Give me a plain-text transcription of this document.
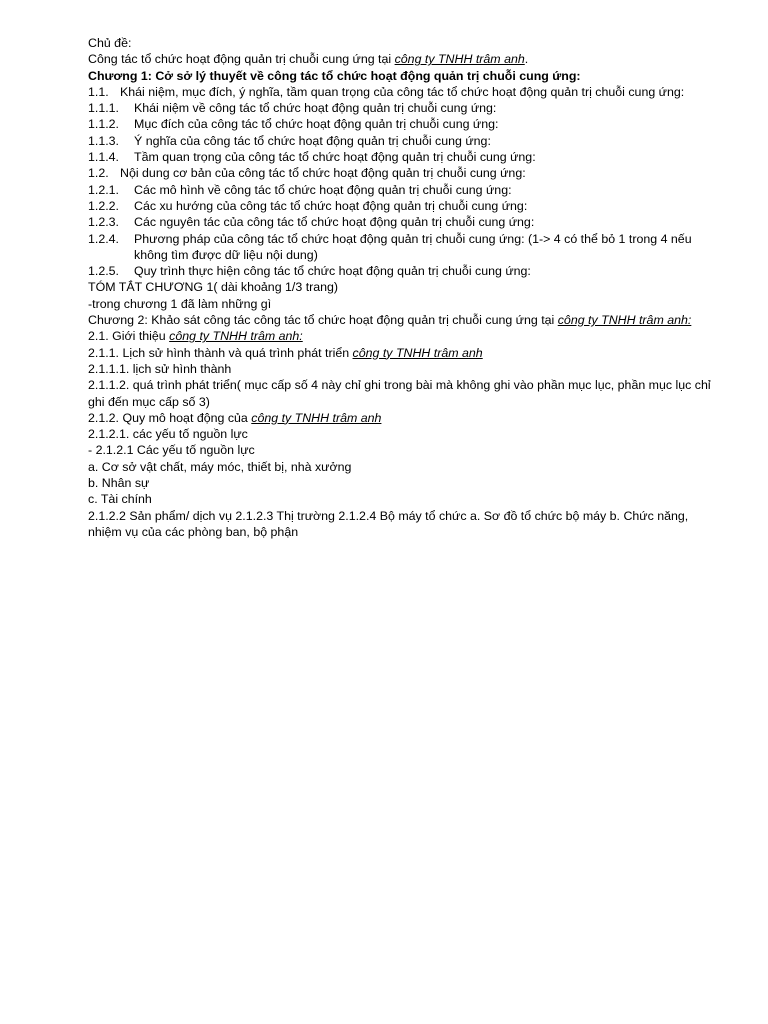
Chủ đề:
Công tác tổ chức hoạt động quản trị chuỗi cung ứng tại công ty TNHH trâm anh.
Chương 1: Cở sở lý thuyết về công tác tổ chức hoạt động quản trị chuỗi cung ứng:
1.1. Khái niệm, mục đích, ý nghĩa, tầm quan trọng của công tác tổ chức hoạt động quản trị chuỗi cung ứng:
1.1.1.	Khái niệm về công tác tổ chức hoạt động quản trị chuỗi cung ứng:
1.1.2.	Mục đích của công tác tổ chức hoạt động quản trị chuỗi cung ứng:
1.1.3.	Ý nghĩa của công tác tổ chức hoạt động quản trị chuỗi cung ứng:
1.1.4.	Tầm quan trọng của công tác tổ chức hoạt động quản trị chuỗi cung ứng:
1.2. Nội dung cơ bản của công tác tổ chức hoạt động quản trị chuỗi cung ứng:
1.2.1.	Các mô hình về công tác tổ chức hoạt động quản trị chuỗi cung ứng:
1.2.2.	Các xu hướng của công tác tổ chức hoạt động quản trị chuỗi cung ứng:
1.2.3.	Các nguyên tác của công tác tổ chức hoạt động quản trị chuỗi cung ứng:
1.2.4.	Phương pháp của công tác tổ chức hoạt động quản trị chuỗi cung ứng: (1-> 4 có thể bỏ 1 trong 4 nếu không tìm được dữ liệu nội dung)
1.2.5.	Quy trình thực hiện công tác tổ chức hoạt động quản trị chuỗi cung ứng:
TÓM TẮT CHƯƠNG 1( dài khoảng 1/3 trang)
-trong chương 1 đã làm những gì
Chương 2: Khảo sát công tác công tác tổ chức hoạt động quản trị chuỗi cung ứng tại công ty TNHH trâm anh:
2.1. Giới thiệu công ty TNHH trâm anh:
2.1.1. Lịch sử hình thành và quá trình phát triển công ty TNHH trâm anh
2.1.1.1. lịch sử hình thành
2.1.1.2. quá trình phát triển( mục cấp số 4 này chỉ ghi trong bài mà không ghi vào phần mục lục, phần mục lục chỉ ghi đến mục cấp số 3)
2.1.2. Quy mô hoạt động của công ty TNHH trâm anh
2.1.2.1. các yếu tố nguồn lực
- 2.1.2.1 Các yếu tố nguồn lực
a. Cơ sở vật chất, máy móc, thiết bị, nhà xưởng
b. Nhân sự
c. Tài chính
2.1.2.2 Sản phẩm/ dịch vụ 2.1.2.3 Thị trường 2.1.2.4 Bộ máy tổ chức a. Sơ đồ tổ chức bộ máy b. Chức năng, nhiệm vụ của các phòng ban, bộ phận
